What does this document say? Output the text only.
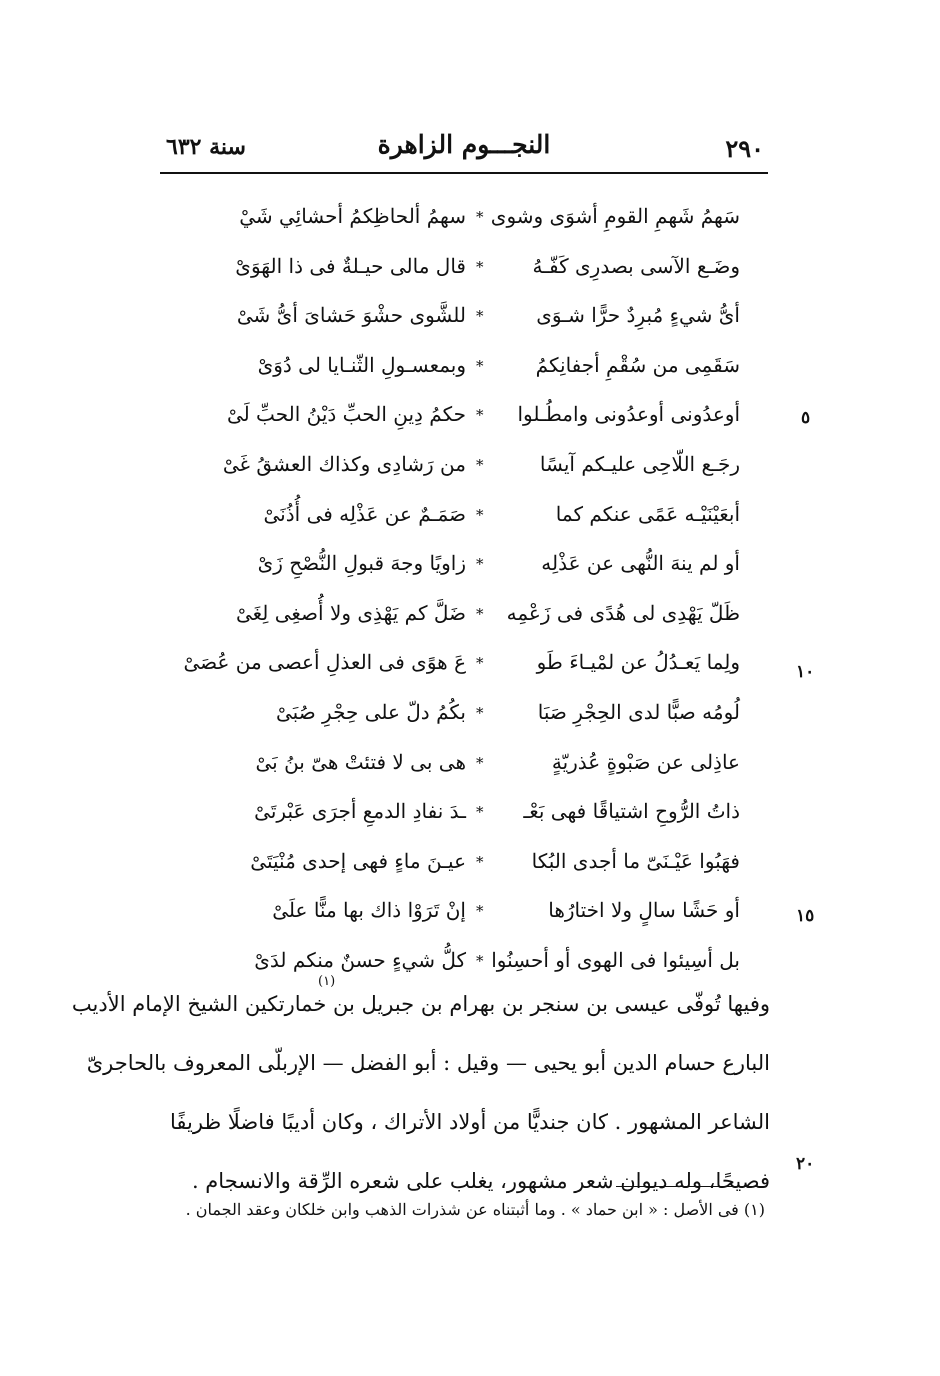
٢٩٠
النجـــوم الزاهرة
سنة ٦٣٢
سَهمُ شَهمِ القومِ أشوَى وشوى
*
سهمُ ألحاظِكمُ أحشائِي شَيْ
وضَـع الآسى بصدرِى كَفّـهُ
*
قال مالى حيـلةٌ فى ذا الهَوَىْ
أىُّ شيءٍ مُبرِدٌ حرًّا شـوَى
*
للشَّوى حشْوَ حَشاىَ أىُّ شَىْ
سَقَمِى من سُقْمِ أجفانِكمُ
*
وبمعسـولِ الثّنـايا لى دُوَىْ
أوعدُونى أوعدُونى وامطُـلوا
*
حكمُ دِينِ الحبِّ دَيْنُ الحبِّ لَىْ
رجَـع اللّاحِى عليـكم آيسًا
*
من رَشادِى وكذاك العشقُ غَىْ
أبعَيْنَيْـه عَمًى عنكم كما
*
صَمَـمٌ عن عَذْلِه فى أُذُنَىْ
أو لم ينهَ النُّهى عن عَذْلِه
*
زاويًا وجهَ قبولِ النُّصْحِ زَىْ
ظَلّ يَهْدِى لى هُدًى فى زَعْمِه
*
ضَلَّ كم يَهْذِى ولا أُصغِى لِغَىْ
ولِما يَعـدُلُ عن لمْيـاءَ طَو
*
عَ هوًى فى العذلِ أعصى من عُصَىْ
لُومُه صبًّا لدى الحِجْرِ صَبَا
*
بكُمُ دلّ على حِجْرِ صُبَىْ
عاذِلى عن صَبْوةٍ عُذريّةٍ
*
هى بى لا فتئتْ هىّ بنُ بَىْ
ذاتُ الرُّوحِ اشتياقًا فهى بَعْـ
*
ـدَ نفادِ الدمعِ أجرَى عَبْرتَىْ
فهَبُوا عَيْـنَىّ ما أجدى البُكا
*
عيـنَ ماءٍ فهى إحدى مُنْيَتَىْ
أو حَشًا سالٍ ولا اختارُها
*
إنْ تَرَوْا ذاك بها منًّا علَىْ
بل أسِيئوا فى الهوى أو أحسِنُوا
*
كلُّ شيءٍ حسنٌ منكم لدَىْ
٥
١٠
١٥
٢٠
(١)
وفيها تُوفّى عيسى بن سنجر بن بهرام بن جبريل بن خمارتكين الشيخ الإمام الأديب
البارع حسام الدين أبو يحيى — وقيل : أبو الفضل — الإربلّى المعروف بالحاجرىّ
الشاعر المشهور . كان جنديًّا من أولاد الأتراك ، وكان أديبًا فاضلًا ظريفًا
فصيحًا، وله ديوان شعر مشهور، يغلب على شعره الرِّقة والانسجام .
(١) فى الأصل : « ابن حماد » . وما أثبتناه عن شذرات الذهب وابن خلكان وعقد الجمان .
